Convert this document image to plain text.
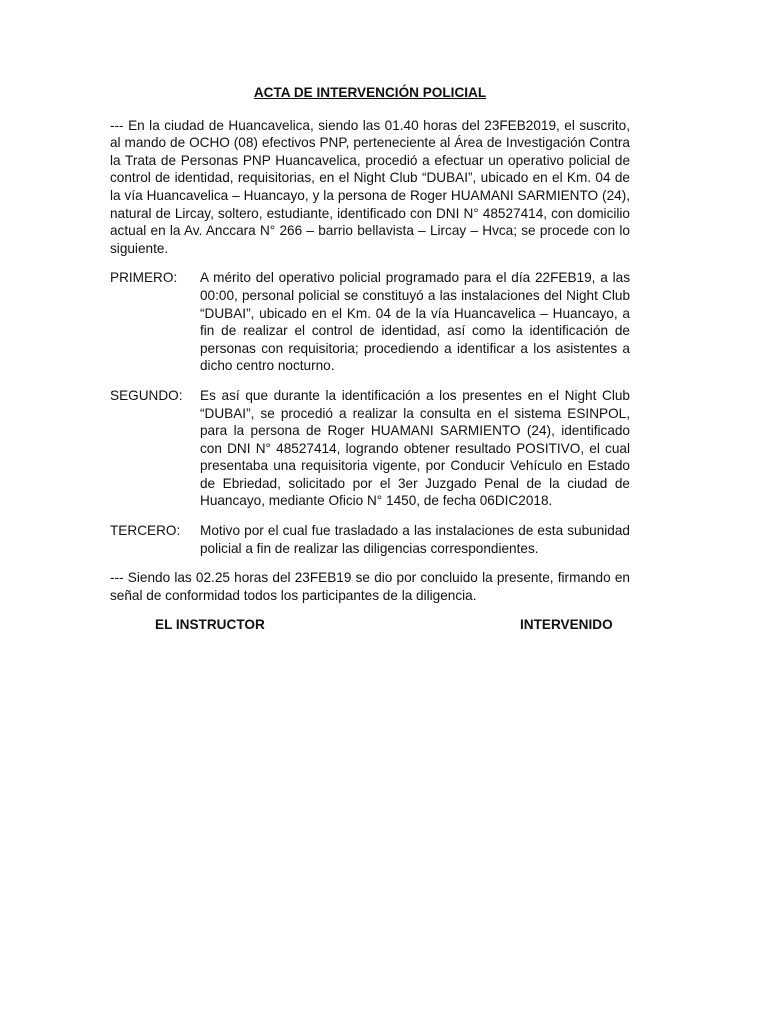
ACTA DE INTERVENCIÓN POLICIAL
--- En la ciudad de Huancavelica, siendo las 01.40 horas del 23FEB2019, el suscrito, al mando de OCHO (08) efectivos PNP, perteneciente al Área de Investigación Contra la Trata de Personas PNP Huancavelica, procedió a efectuar un operativo policial de control de identidad, requisitorias, en el Night Club “DUBAI”, ubicado en el Km. 04 de la vía Huancavelica – Huancayo, y la persona de Roger HUAMANI SARMIENTO (24), natural de Lircay, soltero, estudiante, identificado con DNI N° 48527414, con domicilio actual en la Av. Anccara N° 266 – barrio bellavista – Lircay – Hvca; se procede con lo siguiente.
PRIMERO:	A mérito del operativo policial programado para el día 22FEB19, a las 00:00, personal policial se constituyó a las instalaciones del Night Club “DUBAI”, ubicado en el Km. 04 de la vía Huancavelica – Huancayo, a fin de realizar el control de identidad, así como la identificación de personas con requisitoria; procediendo a identificar a los asistentes a dicho centro nocturno.
SEGUNDO:	Es así que durante la identificación a los presentes en el Night Club “DUBAI”, se procedió a realizar la consulta en el sistema ESINPOL, para la persona de Roger HUAMANI SARMIENTO (24), identificado con DNI N° 48527414, logrando obtener resultado POSITIVO, el cual presentaba una requisitoria vigente, por Conducir Vehículo en Estado de Ebriedad, solicitado por el 3er Juzgado Penal de la ciudad de Huancayo, mediante Oficio N° 1450, de fecha 06DIC2018.
TERCERO:	Motivo por el cual fue trasladado a las instalaciones de esta subunidad policial a fin de realizar las diligencias correspondientes.
--- Siendo las 02.25 horas del 23FEB19 se dio por concluido la presente, firmando en señal de conformidad todos los participantes de la diligencia.
EL INSTRUCTOR	INTERVENIDO
